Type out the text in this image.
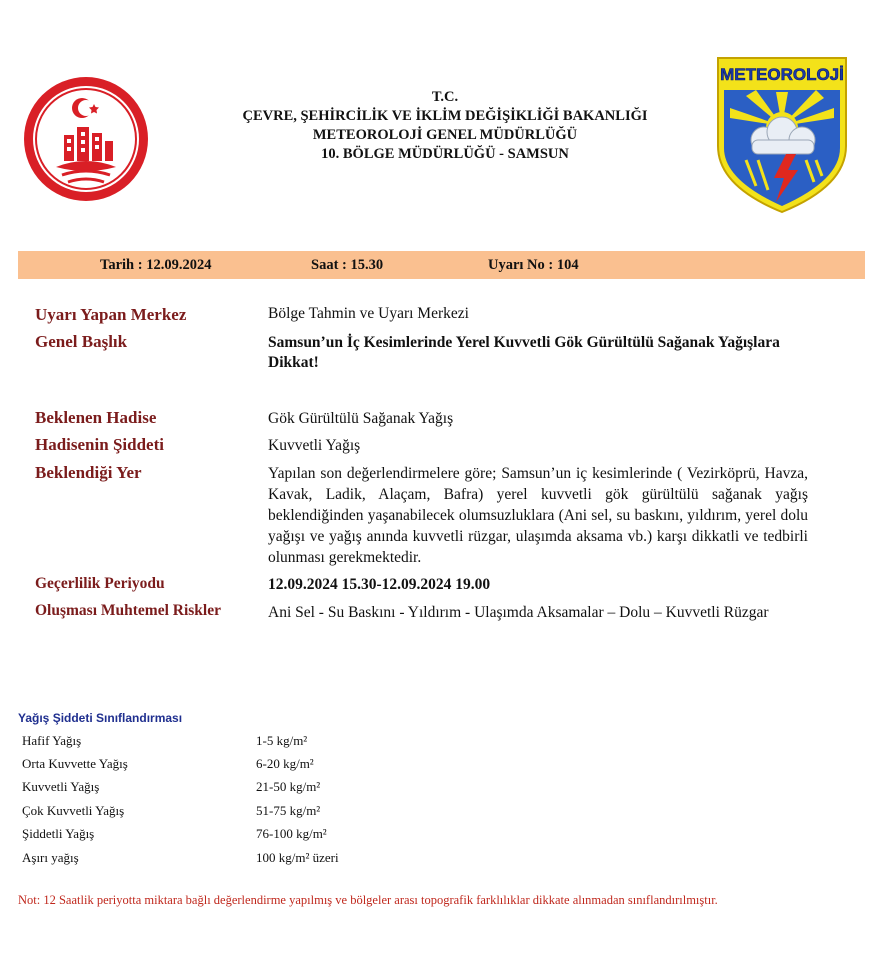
T.C.
ÇEVRE, ŞEHİRCİLİK VE İKLİM DEĞİŞİKLİĞİ BAKANLIĞI
METEOROLOJİ GENEL MÜDÜRLÜĞÜ
10. BÖLGE MÜDÜRLÜĞÜ - SAMSUN
METEOROLOJİ
METEOROLOJİ
Tarih : 12.09.2024	Saat : 15.30	Uyarı No : 104
Uyarı Yapan Merkez	Bölge Tahmin ve Uyarı Merkezi
Genel Başlık	Samsun’un İç Kesimlerinde Yerel Kuvvetli Gök Gürültülü Sağanak Yağışlara Dikkat!
Beklenen Hadise	Gök Gürültülü Sağanak Yağış
Hadisenin Şiddeti	Kuvvetli Yağış
Beklendiği Yer	Yapılan son değerlendirmelere göre; Samsun’un iç kesimlerinde ( Vezirköprü, Havza, Kavak, Ladik, Alaçam, Bafra) yerel kuvvetli gök gürültülü sağanak yağış beklendiğinden yaşanabilecek olumsuzluklara (Ani sel, su baskını, yıldırım, yerel dolu yağışı ve yağış anında kuvvetli rüzgar, ulaşımda aksama vb.) karşı dikkatli ve tedbirli olunması gerekmektedir.
Geçerlilik Periyodu	12.09.2024 15.30-12.09.2024 19.00
Oluşması Muhtemel Riskler	Ani Sel - Su Baskını - Yıldırım - Ulaşımda Aksamalar – Dolu – Kuvvetli Rüzgar
Yağış Şiddeti Sınıflandırması
Hafif Yağış	1-5 kg/m²
Orta Kuvvette Yağış	6-20 kg/m²
Kuvvetli Yağış	21-50 kg/m²
Çok Kuvvetli Yağış	51-75 kg/m²
Şiddetli Yağış	76-100 kg/m²
Aşırı yağış	100 kg/m² üzeri
Not: 12 Saatlik periyotta miktara bağlı değerlendirme yapılmış ve bölgeler arası topografik farklılıklar dikkate alınmadan sınıflandırılmıştır.
